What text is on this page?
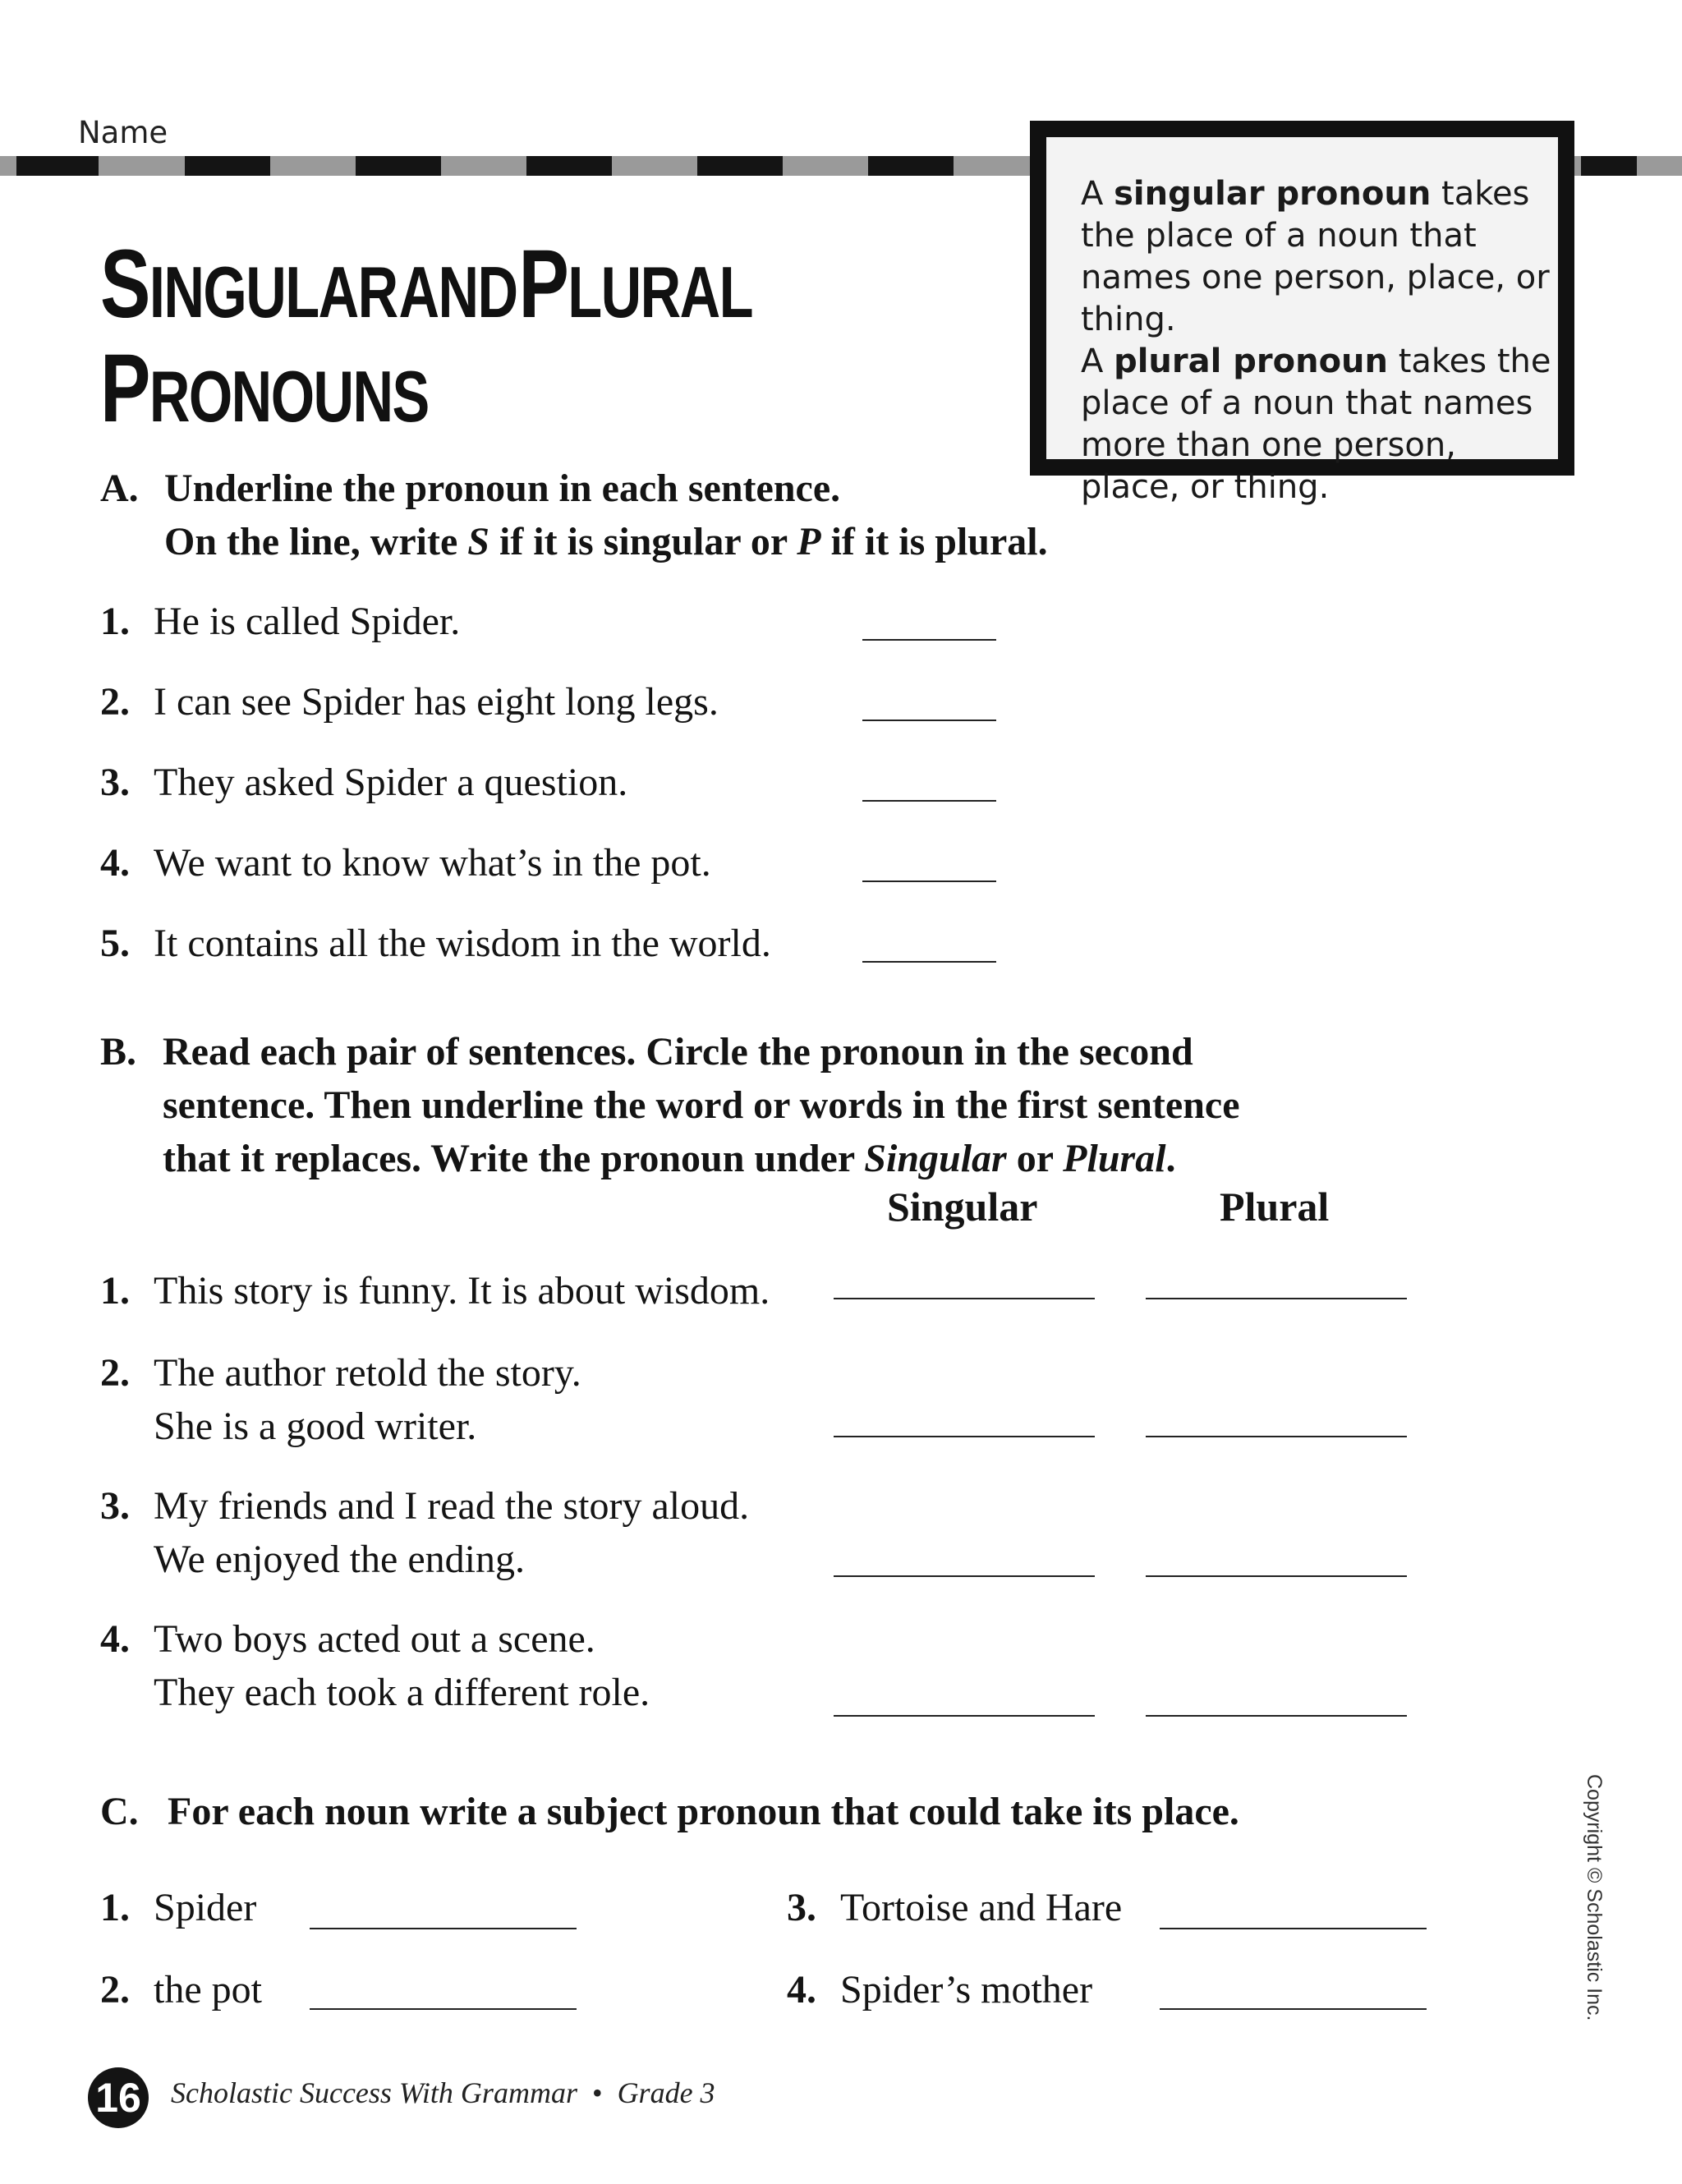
Name
SINGULAR AND PLURAL
PRONOUNS
A singular pronoun takes the place of a noun that names one person, place, or thing.
A plural pronoun takes the place of a noun that names more than one person, place, or thing.
A. Underline the pronoun in each sentence.
On the line, write S if it is singular or P if it is plural.
1. He is called Spider.
2. I can see Spider has eight long legs.
3. They asked Spider a question.
4. We want to know what’s in the pot.
5. It contains all the wisdom in the world.
B. Read each pair of sentences. Circle the pronoun in the second
sentence. Then underline the word or words in the first sentence
that it replaces. Write the pronoun under Singular or Plural.
Singular	Plural
1. This story is funny. It is about wisdom.
2. The author retold the story.
She is a good writer.
3. My friends and I read the story aloud.
We enjoyed the ending.
4. Two boys acted out a scene.
They each took a different role.
C. For each noun write a subject pronoun that could take its place.
1. Spider
2. the pot
3. Tortoise and Hare
4. Spider’s mother
16 Scholastic Success With Grammar • Grade 3
Copyright © Scholastic Inc.
